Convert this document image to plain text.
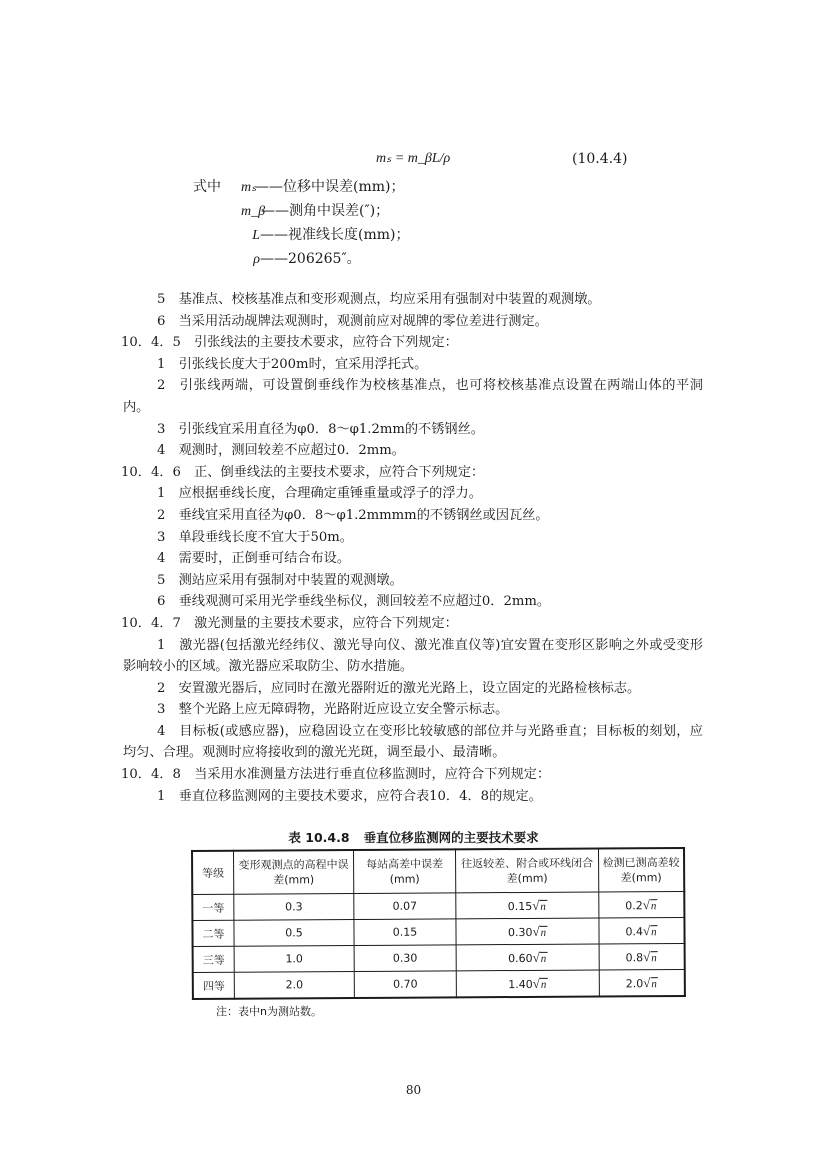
mₛ = m_βL/ρ	(10.4.4)
式中 mₛ——位移中误差(mm)；
m_β——测角中误差(″)；
L——视准线长度(mm)；
ρ——206265″。

5　基准点、校核基准点和变形观测点，均应采用有强制对中装置的观测墩。

6　当采用活动觇牌法观测时，观测前应对觇牌的零位差进行测定。

10．4．5　引张线法的主要技术要求，应符合下列规定：

1　引张线长度大于200m时，宜采用浮托式。

2　引张线两端，可设置倒垂线作为校核基准点，也可将校核基准点设置在两端山体的平洞内。

3　引张线宜采用直径为φ0．8～φ1.2mm的不锈钢丝。

4　观测时，测回较差不应超过0．2mm。

10．4．6　正、倒垂线法的主要技术要求，应符合下列规定：

1　应根据垂线长度，合理确定重锤重量或浮子的浮力。

2　垂线宜采用直径为φ0．8～φ1.2mmmm的不锈钢丝或因瓦丝。

3　单段垂线长度不宜大于50m。

4　需要时，正倒垂可结合布设。

5　测站应采用有强制对中装置的观测墩。

6　垂线观测可采用光学垂线坐标仪，测回较差不应超过0．2mm。

10．4．7　激光测量的主要技术要求，应符合下列规定：

1　激光器(包括激光经纬仪、激光导向仪、激光准直仪等)宜安置在变形区影响之外或受变形影响较小的区域。激光器应采取防尘、防水措施。

2　安置激光器后，应同时在激光器附近的激光光路上，设立固定的光路检核标志。

3　整个光路上应无障碍物，光路附近应设立安全警示标志。

4　目标板(或感应器)，应稳固设立在变形比较敏感的部位并与光路垂直；目标板的刻划，应均匀、合理。观测时应将接收到的激光光斑，调至最小、最清晰。

10．4．8　当采用水准测量方法进行垂直位移监测时，应符合下列规定：

1　垂直位移监测网的主要技术要求，应符合表10．4．8的规定。

表 10.4.8 垂直位移监测网的主要技术要求
等级	变形观测点的高程中误差(mm)	每站高差中误差(mm)	往返较差、附合或环线闭合差(mm)	检测已测高差较差(mm)
一等	0.3	0.07	0.15√n	0.2√n
二等	0.5	0.15	0.30√n	0.4√n
三等	1.0	0.30	0.60√n	0.8√n
四等	2.0	0.70	1.40√n	2.0√n
注：表中n为测站数。
80
